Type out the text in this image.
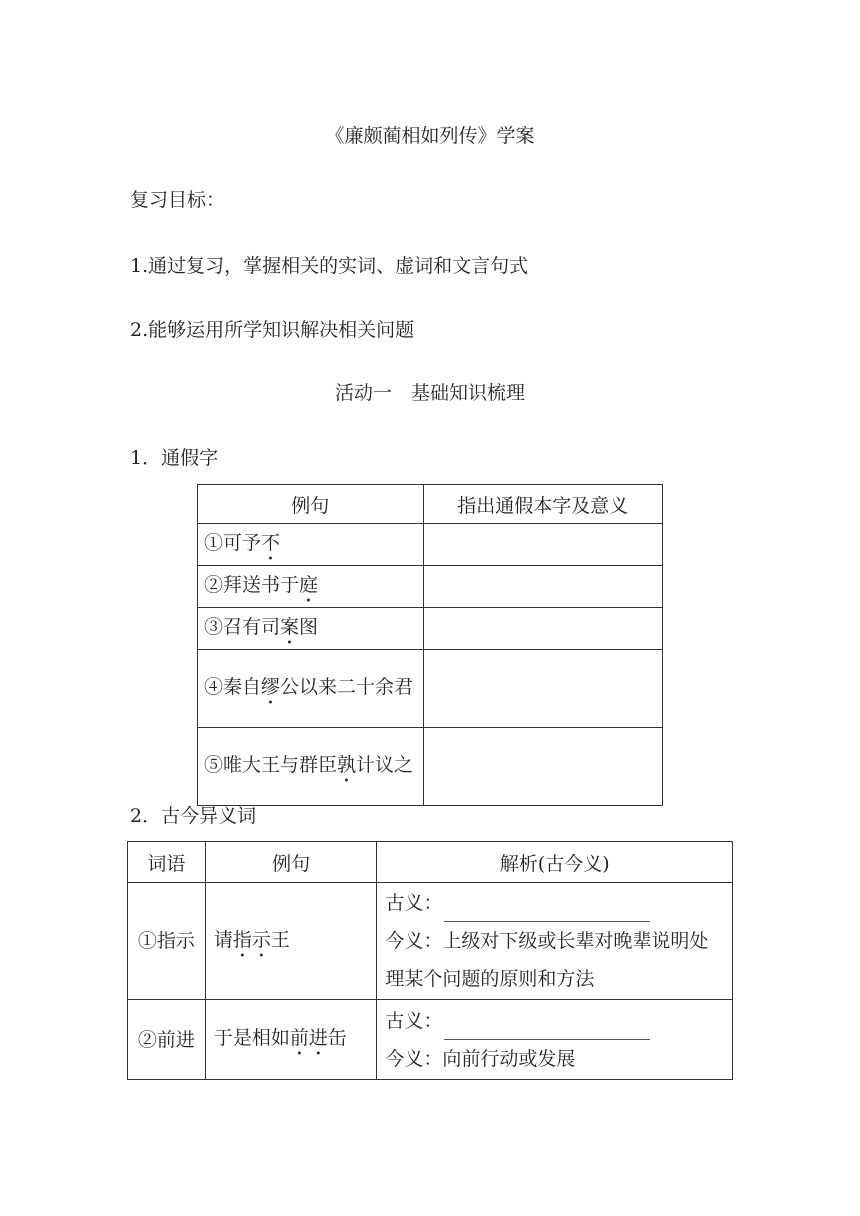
《廉颇蔺相如列传》学案
复习目标：
1.通过复习，掌握相关的实词、虚词和文言句式
2.能够运用所学知识解决相关问题
活动一　基础知识梳理
1．通假字
例句	指出通假本字及意义
①可予不	
②拜送书于庭	
③召有司案图	
④秦自缪公以来二十余君	
⑤唯大王与群臣孰计议之	
2．古今异义词
词语	例句	解析(古今义)
①指示	请指示王	古义：
今义：上级对下级或长辈对晚辈说明处理某个问题的原则和方法

②前进	于是相如前进缶	古义：
今义：向前行动或发展
